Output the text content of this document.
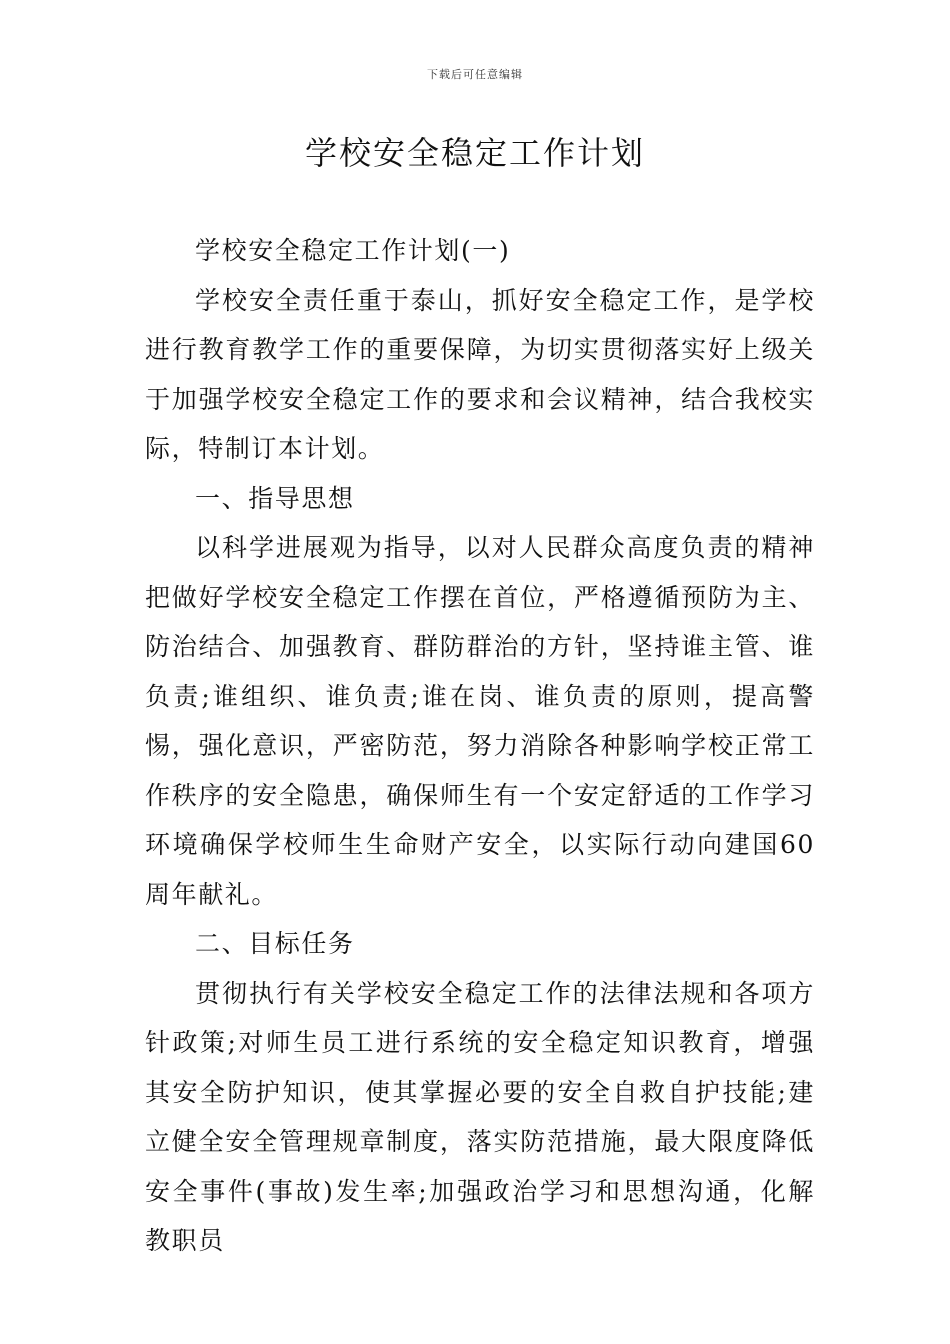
下载后可任意编辑
学校安全稳定工作计划

学校安全稳定工作计划(一)

学校安全责任重于泰山，抓好安全稳定工作，是学校进行教育教学工作的重要保障，为切实贯彻落实好上级关于加强学校安全稳定工作的要求和会议精神，结合我校实际，特制订本计划。

一、指导思想

以科学进展观为指导，以对人民群众高度负责的精神把做好学校安全稳定工作摆在首位，严格遵循预防为主、防治结合、加强教育、群防群治的方针，坚持谁主管、谁负责;谁组织、谁负责;谁在岗、谁负责的原则，提高警惕，强化意识，严密防范，努力消除各种影响学校正常工作秩序的安全隐患，确保师生有一个安定舒适的工作学习环境确保学校师生生命财产安全，以实际行动向建国60周年献礼。

二、目标任务

贯彻执行有关学校安全稳定工作的法律法规和各项方针政策;对师生员工进行系统的安全稳定知识教育，增强其安全防护知识，使其掌握必要的安全自救自护技能;建立健全安全管理规章制度，落实防范措施，最大限度降低安全事件(事故)发生率;加强政治学习和思想沟通，化解教职员
